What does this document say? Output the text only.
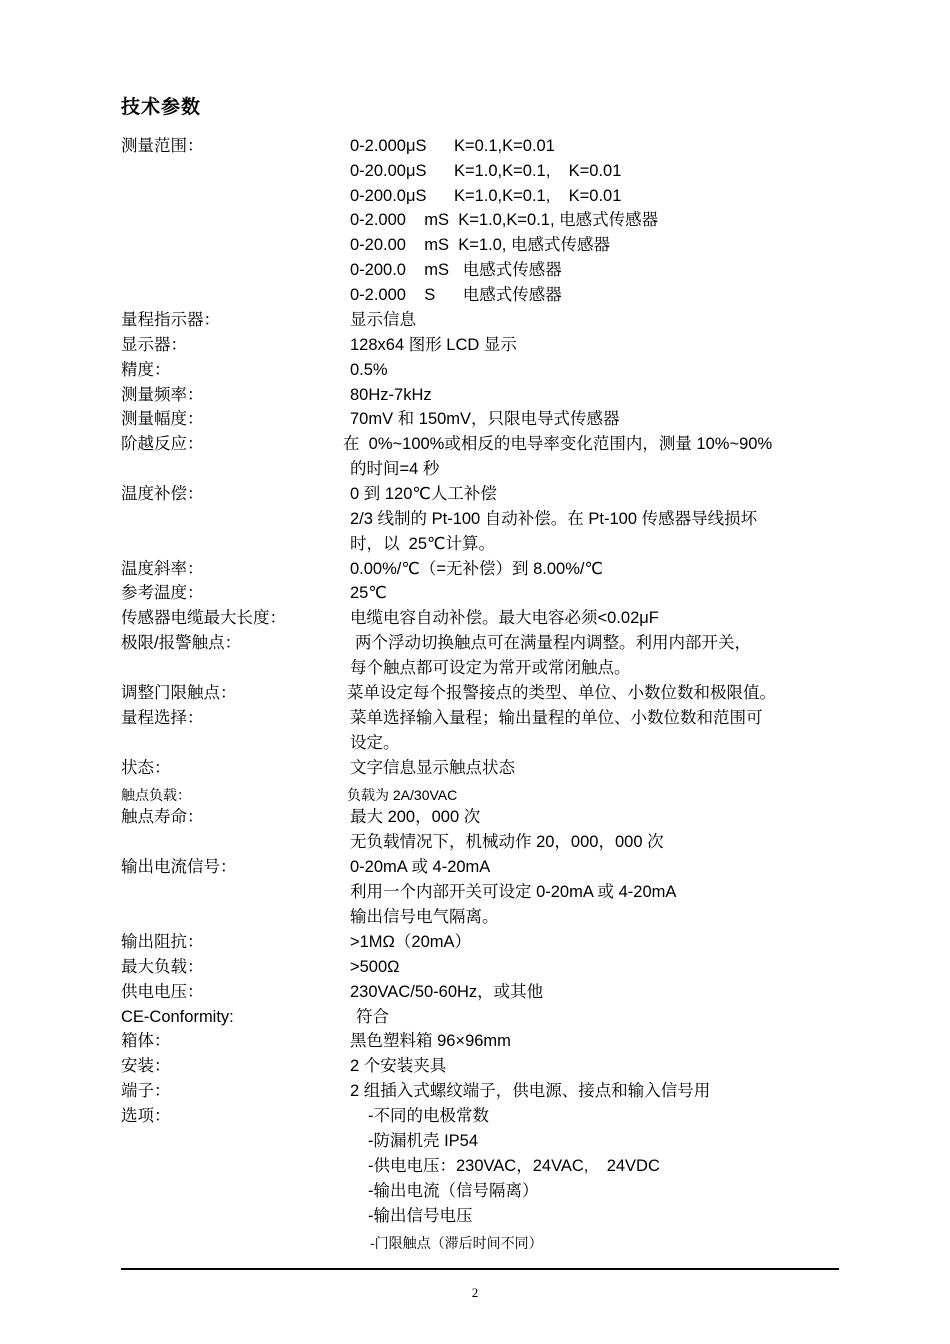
技术参数
测量范围：	0-2.000μS      K=0.1,K=0.01
0-20.00μS      K=1.0,K=0.1,    K=0.01
0-200.0μS      K=1.0,K=0.1,    K=0.01
0-2.000    mS  K=1.0,K=0.1, 电感式传感器
0-20.00    mS  K=1.0, 电感式传感器
0-200.0    mS   电感式传感器
0-2.000    S      电感式传感器
量程指示器：	显示信息
显示器：	128x64 图形 LCD 显示
精度：	0.5%
测量频率：	80Hz-7kHz
测量幅度：	70mV 和 150mV，只限电导式传感器
阶越反应：	在  0%~100%或相反的电导率变化范围内，测量 10%~90%
的时间=4 秒
温度补偿：	0 到 120℃人工补偿
2/3 线制的 Pt-100 自动补偿。在 Pt-100 传感器导线损坏
时，以  25℃计算。
温度斜率：	0.00%/℃（=无补偿）到 8.00%/℃
参考温度：	25℃
传感器电缆最大长度：	电缆电容自动补偿。最大电容必须<0.02μF
极限/报警触点：	两个浮动切换触点可在满量程内调整。利用内部开关，
每个触点都可设定为常开或常闭触点。
调整门限触点：	菜单设定每个报警接点的类型、单位、小数位数和极限值。
量程选择：	菜单选择输入量程；输出量程的单位、小数位数和范围可
设定。
状态：	文字信息显示触点状态
触点负载：	负载为 2A/30VAC
触点寿命：	最大 200，000 次
无负载情况下，机械动作 20，000，000 次
输出电流信号：	0-20mA 或 4-20mA
利用一个内部开关可设定 0-20mA 或 4-20mA
输出信号电气隔离。
输出阻抗：	>1MΩ（20mA）
最大负载：	>500Ω
供电电压：	230VAC/50-60Hz，或其他
CE-Conformity:	符合
箱体：	黑色塑料箱 96×96mm
安装：	2 个安装夹具
端子：	2 组插入式螺纹端子，供电源、接点和输入信号用
选项：	-不同的电极常数
-防漏机壳 IP54
-供电电压：230VAC，24VAC,    24VDC
-输出电流（信号隔离）
-输出信号电压
-门限触点（滞后时间不同）
2
